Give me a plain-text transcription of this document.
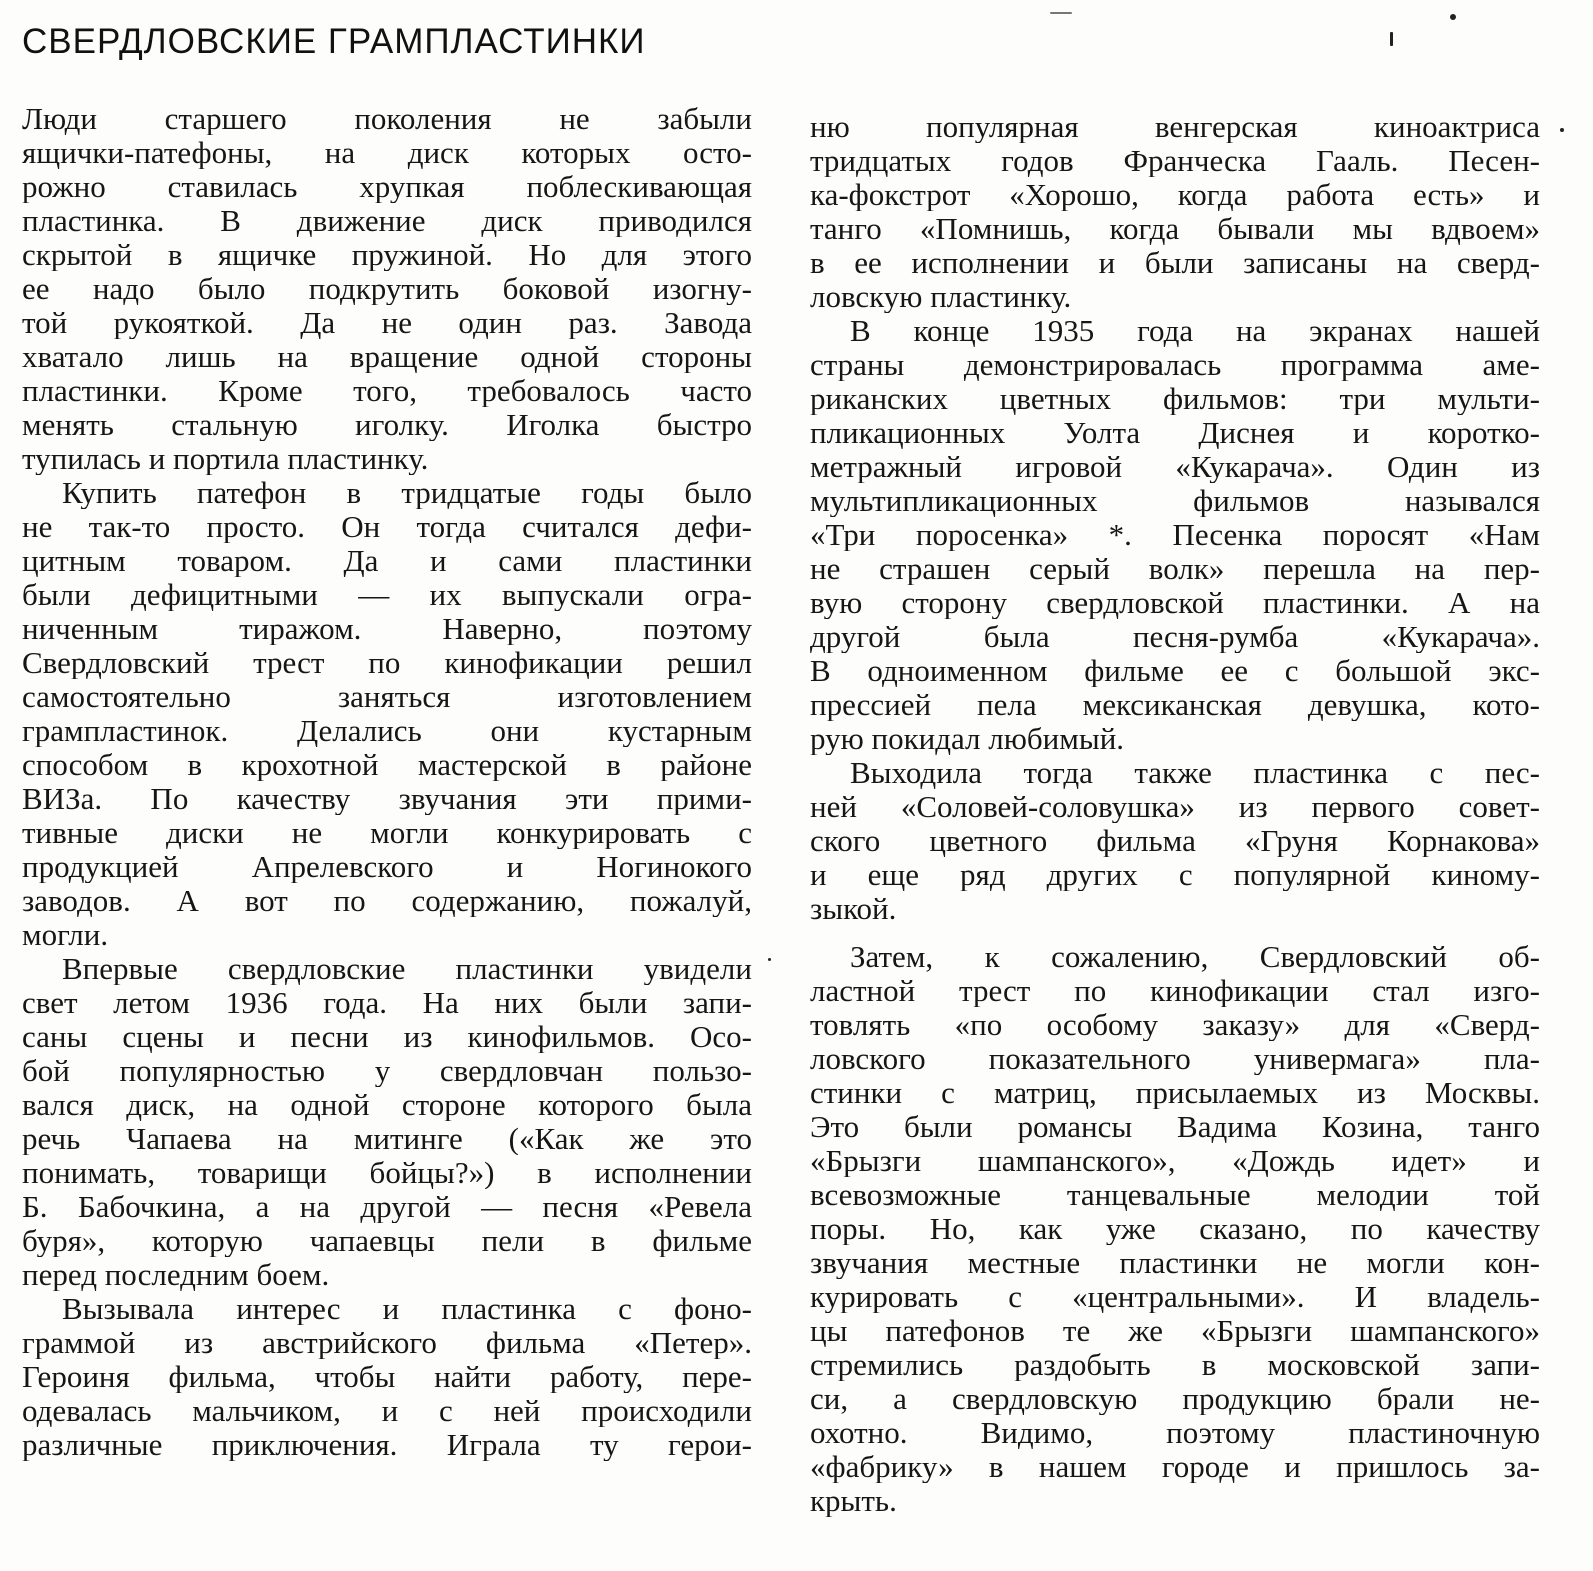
СВЕРДЛОВСКИЕ ГРАМПЛАСТИНКИ
Люди старшего поколения не забыли
ящички-патефоны, на диск которых осто-
рожно ставилась хрупкая поблескивающая
пластинка. В движение диск приводился
скрытой в ящичке пружиной. Но для этого
ее надо было подкрутить боковой изогну-
той рукояткой. Да не один раз. Завода
хватало лишь на вращение одной стороны
пластинки. Кроме того, требовалось часто
менять стальную иголку. Иголка быстро
тупилась и портила пластинку.
Купить патефон в тридцатые годы было
не так-то просто. Он тогда считался дефи-
цитным товаром. Да и сами пластинки
были дефицитными — их выпускали огра-
ниченным тиражом. Наверно, поэтому
Свердловский трест по кинофикации решил
самостоятельно заняться изготовлением
грампластинок. Делались они кустарным
способом в крохотной мастерской в районе
ВИЗа. По качеству звучания эти прими-
тивные диски не могли конкурировать с
продукцией Апрелевского и Ногинокого
заводов. А вот по содержанию, пожалуй,
могли.
Впервые свердловские пластинки увидели
свет летом 1936 года. На них были запи-
саны сцены и песни из кинофильмов. Осо-
бой популярностью у свердловчан пользо-
вался диск, на одной стороне которого была
речь Чапаева на митинге («Как же это
понимать, товарищи бойцы?») в исполнении
Б. Бабочкина, а на другой — песня «Ревела
буря», которую чапаевцы пели в фильме
перед последним боем.
Вызывала интерес и пластинка с фоно-
граммой из австрийского фильма «Петер».
Героиня фильма, чтобы найти работу, пере-
одевалась мальчиком, и с ней происходили
различные приключения. Играла ту герои-
ню популярная венгерская киноактриса
тридцатых годов Франческа Гааль. Песен-
ка-фокстрот «Хорошо, когда работа есть» и
танго «Помнишь, когда бывали мы вдвоем»
в ее исполнении и были записаны на сверд-
ловскую пластинку.
В конце 1935 года на экранах нашей
страны демонстрировалась программа аме-
риканских цветных фильмов: три мульти-
пликационных Уолта Диснея и коротко-
метражный игровой «Кукарача». Один из
мультипликационных фильмов назывался
«Три поросенка» *. Песенка поросят «Нам
не страшен серый волк» перешла на пер-
вую сторону свердловской пластинки. А на
другой была песня-румба «Кукарача».
В одноименном фильме ее с большой экс-
прессией пела мексиканская девушка, кото-
рую покидал любимый.
Выходила тогда также пластинка с пес-
ней «Соловей-соловушка» из первого совет-
ского цветного фильма «Груня Корнакова»
и еще ряд других с популярной киному-
зыкой.
Затем, к сожалению, Свердловский об-
ластной трест по кинофикации стал изго-
товлять «по особому заказу» для «Сверд-
ловского показательного универмага» пла-
стинки с матриц, присылаемых из Москвы.
Это были романсы Вадима Козина, танго
«Брызги шампанского», «Дождь идет» и
всевозможные танцевальные мелодии той
поры. Но, как уже сказано, по качеству
звучания местные пластинки не могли кон-
курировать с «центральными». И владель-
цы патефонов те же «Брызги шампанского»
стремились раздобыть в московской запи-
си, а свердловскую продукцию брали не-
охотно. Видимо, поэтому пластиночную
«фабрику» в нашем городе и пришлось за-
крыть.
